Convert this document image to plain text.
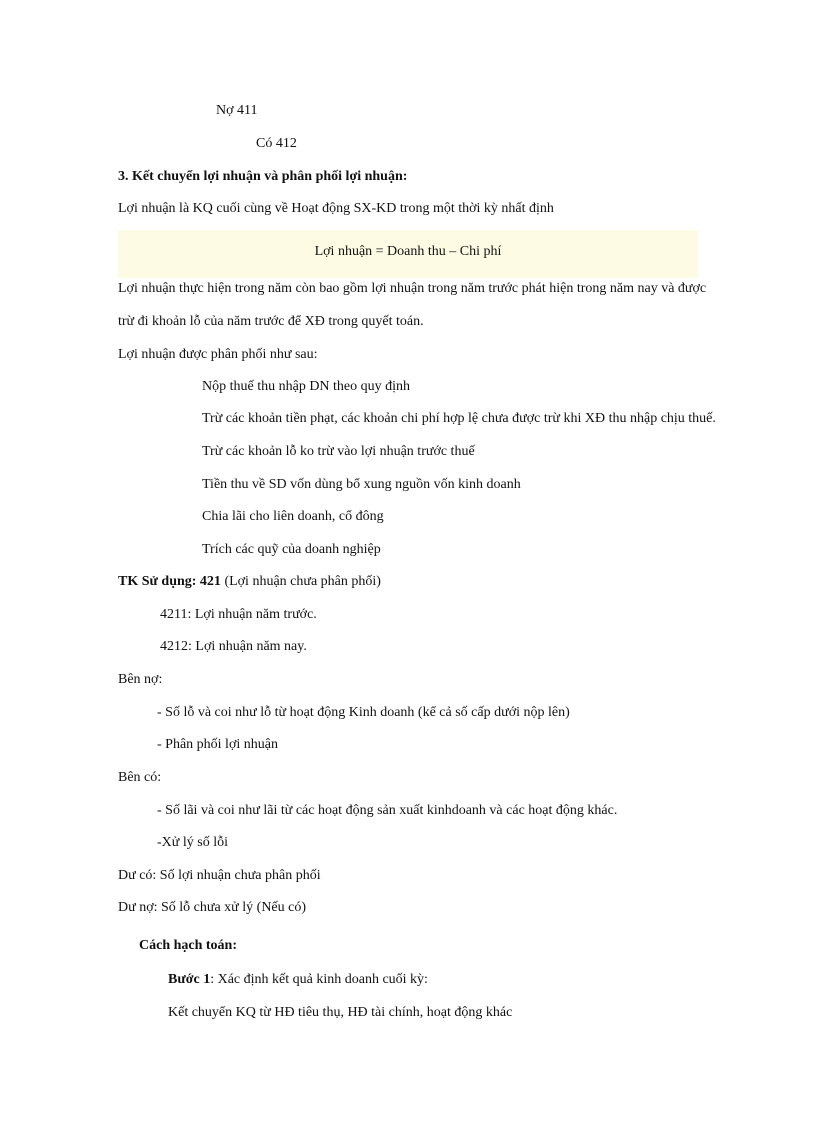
Nợ 411
Có 412
3. Kết chuyển lợi nhuận và phân phối lợi nhuận:
Lợi nhuận là KQ cuối cùng về Hoạt động SX-KD trong một thời kỳ nhất định
Lợi nhuận = Doanh thu – Chi phí
Lợi nhuận thực hiện trong năm còn bao gồm lợi nhuận trong năm trước phát hiện trong năm nay và được
trừ đi khoản lỗ của năm trước để XĐ trong quyết toán.
Lợi nhuận được phân phối như sau:
Nộp thuế thu nhập DN theo quy định
Trừ các khoản tiền phạt, các khoản chi phí hợp lệ chưa được trừ khi XĐ thu nhập chịu thuế.
Trừ các khoản lỗ ko trừ vào lợi nhuận trước thuế
Tiền thu về SD vốn dùng bổ xung nguồn vốn kinh doanh
Chia lãi cho liên doanh, cổ đông
Trích các quỹ của doanh nghiệp
TK Sử dụng: 421 (Lợi nhuận chưa phân phối)
4211: Lợi nhuận năm trước.
4212: Lợi nhuận năm nay.
Bên nợ:
- Số lỗ và coi như lỗ từ hoạt động Kinh doanh (kể cả số cấp dưới nộp lên)
- Phân phối lợi nhuận
Bên có:
- Số lãi và coi như lãi từ các hoạt động sản xuất kinhdoanh và các hoạt động khác.
-Xử lý số lỗi
Dư có: Số lợi nhuận chưa phân phối
Dư nợ: Số lỗ chưa xử lý (Nếu có)
Cách hạch toán:
Bước 1: Xác định kết quả kinh doanh cuối kỳ:
Kết chuyển KQ từ HĐ tiêu thụ, HĐ tài chính, hoạt động khác
